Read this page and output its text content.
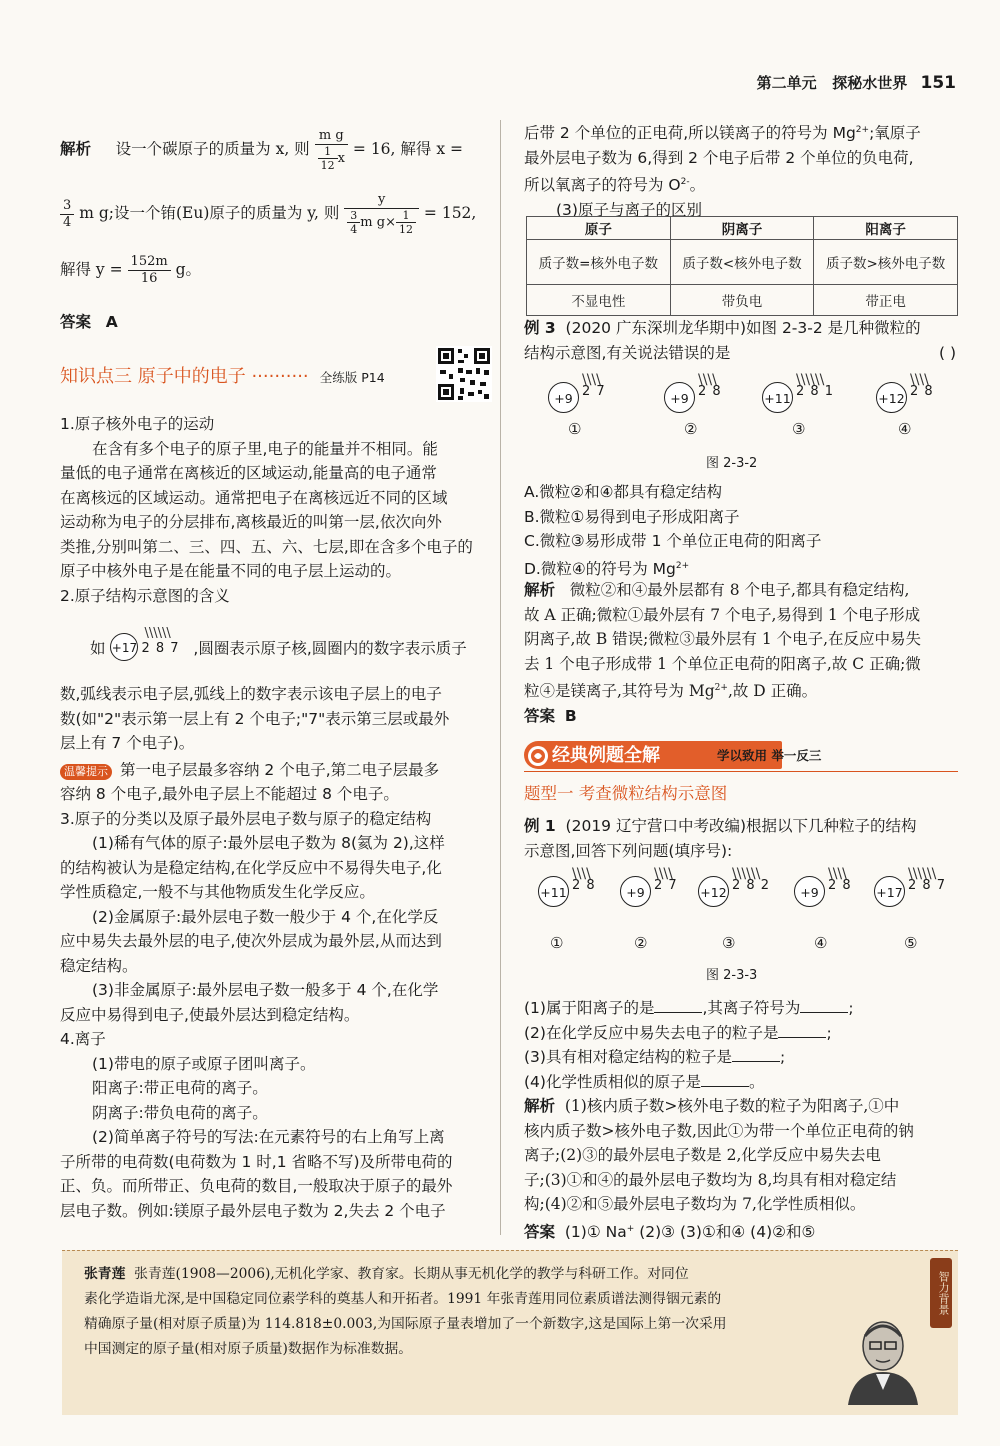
第二单元 探秘水世界 151
解析 设一个碳原子的质量为 x, 则 $\frac{\text{m g}}{\frac{1}{12} x} = 16$, 解得 x =
$\frac{3}{4}$ m g;设一个铕(Eu)原子的质量为 y, 则 $\frac{y}{\frac{3}{4} m g\times \frac{1}{12}} = 152$,
解得 $y = \frac{152m}{16}$ g。
答案 A
知识点三 原子中的电子 ·········· 全练版 P14
1.原子核外电子的运动
在含有多个电子的原子里,电子的能量并不相同。能
量低的电子通常在离核近的区域运动,能量高的电子通常
在离核远的区域运动。通常把电子在离核远近不同的区域
运动称为电子的分层排布,离核最近的叫第一层,依次向外
类推,分别叫第二、三、四、五、六、七层,即在含多个电子的
原子中核外电子是在能量不同的电子层上运动的。
2.原子结构示意图的含义
如 +17 2 8 7
\\\\\\
,圆圈表示原子核,圆圈内的数字表示质子
数,弧线表示电子层,弧线上的数字表示该电子层上的电子
数(如"2"表示第一层上有 2 个电子;"7"表示第三层或最外
层上有 7 个电子)。
温馨提示 第一电子层最多容纳 2 个电子,第二电子层最多
容纳 8 个电子,最外电子层上不能超过 8 个电子。
3.原子的分类以及原子最外层电子数与原子的稳定结构
(1)稀有气体的原子:最外层电子数为 8(氦为 2),这样
的结构被认为是稳定结构,在化学反应中不易得失电子,化
学性质稳定,一般不与其他物质发生化学反应。
(2)金属原子:最外层电子数一般少于 4 个,在化学反
应中易失去最外层的电子,使次外层成为最外层,从而达到
稳定结构。
(3)非金属原子:最外层电子数一般多于 4 个,在化学
反应中易得到电子,使最外层达到稳定结构。
4.离子
(1)带电的原子或原子团叫离子。
阳离子:带正电荷的离子。
阴离子:带负电荷的离子。
(2)简单离子符号的写法:在元素符号的右上角写上离
子所带的电荷数(电荷数为 1 时,1 省略不写)及所带电荷的
正、负。而所带正、负电荷的数目,一般取决于原子的最外
层电子数。例如:镁原子最外层电子数为 2,失去 2 个电子
后带 2 个单位的正电荷,所以镁离子的符号为 $Mg^{2+}$;氧原子
最外层电子数为 6,得到 2 个电子后带 2 个单位的负电荷,
所以氧离子的符号为 $O^{2-}$。
(3)原子与离子的区别
原子	阴离子	阳离子
质子数=核外电子数	质子数<核外电子数	质子数>核外电子数
不显电性	带负电	带正电
例 3 (2020 广东深圳龙华期中)如图 2-3-2 是几种微粒的
结构示意图,有关说法错误的是	( )
+9
\\\\
2 7
①
+9
\\\\
2 8
②
+11
\\\\\\
2 8 1
③
+12
\\\\
2 8
④
图 2-3-2
A.微粒②和④都具有稳定结构
B.微粒①易得到电子形成阳离子
C.微粒③易形成带 1 个单位正电荷的阳离子
D.微粒④的符号为 $Mg^{2+}$
解析 微粒②和④最外层都有 8 个电子,都具有稳定结构,
故 A 正确;微粒①最外层有 7 个电子,易得到 1 个电子形成
阴离子,故 B 错误;微粒③最外层有 1 个电子,在反应中易失
去 1 个电子形成带 1 个单位正电荷的阳离子,故 C 正确;微
粒④是镁离子,其符号为 $Mg^{2+}$,故 D 正确。
答案 B
经典例题全解	学以致用 举一反三
题型一 考查微粒结构示意图
例 1 (2019 辽宁营口中考改编)根据以下几种粒子的结构
示意图,回答下列问题(填序号):
+11
\\\\
2 8
①
+9
\\\\
2 7
②
+12
\\\\\\
2 8 2
③
+9
\\\\
2 8
④
+17
\\\\\\
2 8 7
⑤
图 2-3-3
(1)属于阳离子的是	,其离子符号为	;
(2)在化学反应中易失去电子的粒子是	;
(3)具有相对稳定结构的粒子是	;
(4)化学性质相似的原子是	。
解析 (1)核内质子数>核外电子数的粒子为阳离子,①中
核内质子数>核外电子数,因此①为带一个单位正电荷的钠
离子;(2)③的最外层电子数是 2,化学反应中易失去电
子;(3)①和④的最外层电子数均为 8,均具有相对稳定结
构;(4)②和⑤最外层电子数均为 7,化学性质相似。
答案 (1)① Na+ (2)③ (3)①和④ (4)②和⑤
张青莲 张青莲(1908—2006),无机化学家、教育家。长期从事无机化学的教学与科研工作。对同位
素化学造诣尤深,是中国稳定同位素学科的奠基人和开拓者。1991 年张青莲用同位素质谱法测得铟元素的
精确原子量(相对原子质量)为 114.818±0.003,为国际原子量表增加了一个新数字,这是国际上第一次采用
中国测定的原子量(相对原子质量)数据作为标准数据。
智力背景
